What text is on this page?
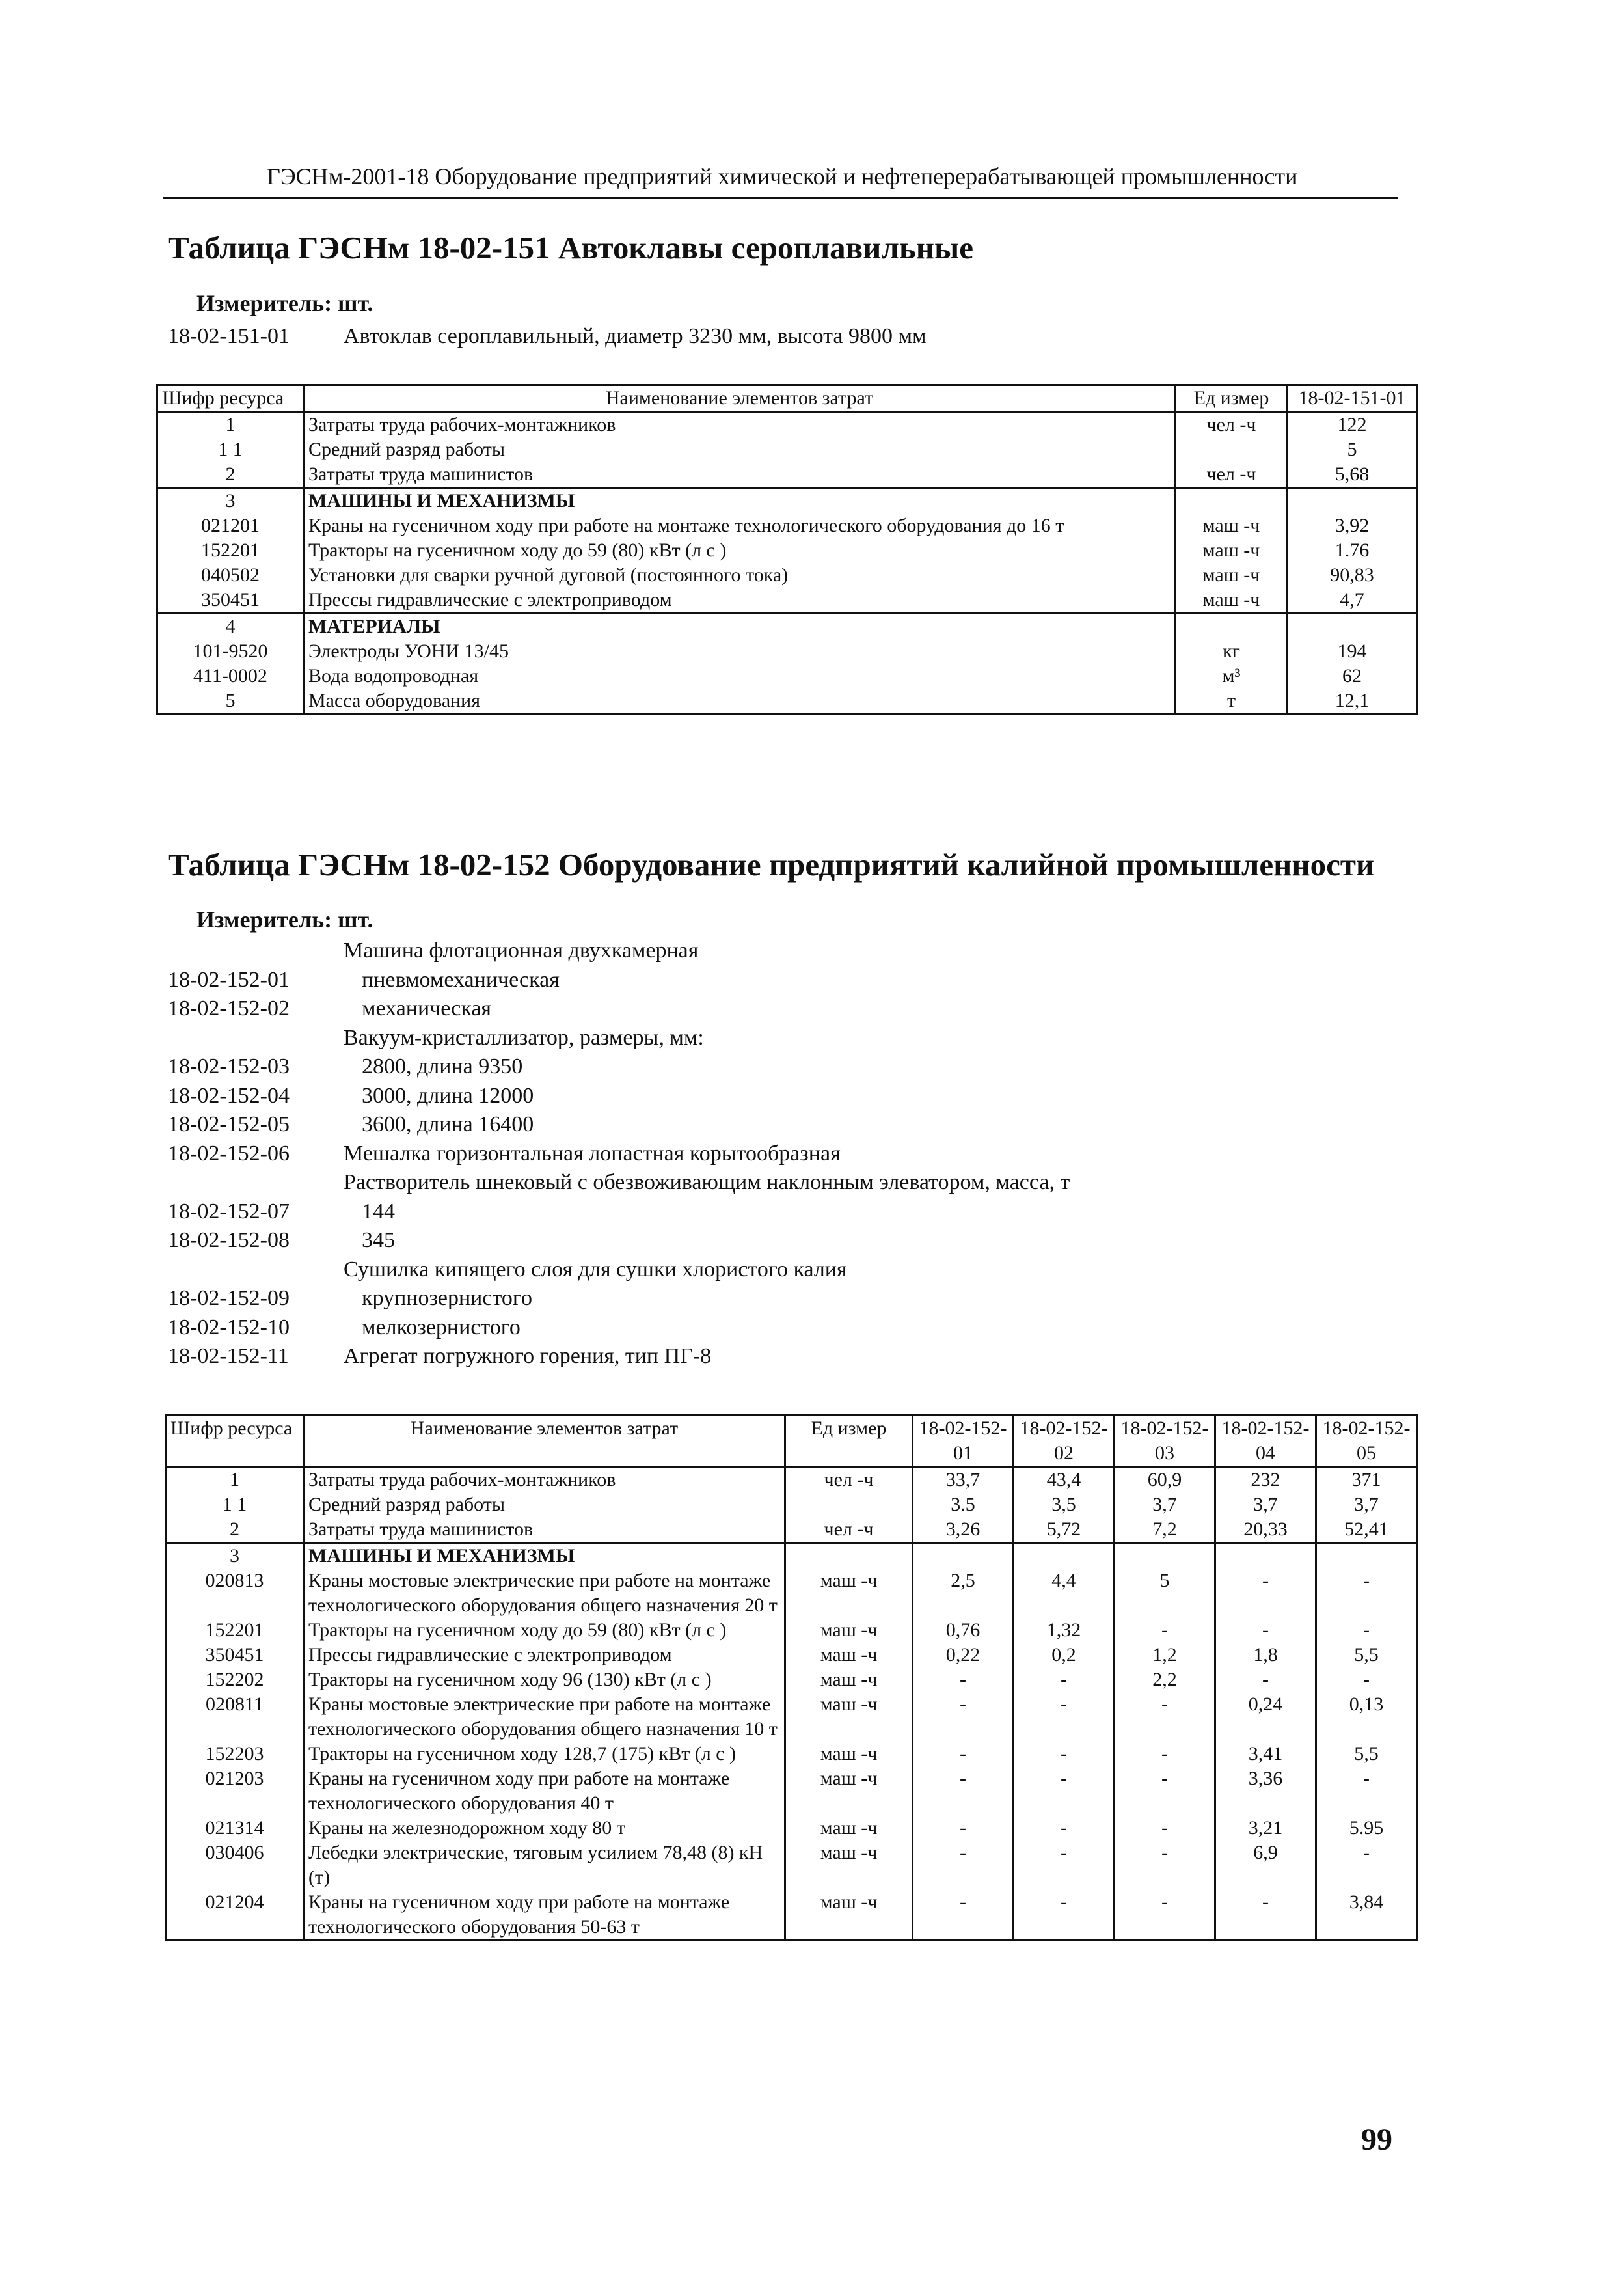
ГЭСНм-2001-18 Оборудование предприятий химической и нефтеперерабатывающей промышленности
Таблица ГЭСНм 18-02-151 Автоклавы сероплавильные
Измеритель: шт.
18-02-151-01 Автоклав сероплавильный, диаметр 3230 мм, высота 9800 мм
Шифр ресурса	Наименование элементов затрат	Ед измер	18-02-151-01
1	Затраты труда рабочих-монтажников	чел -ч	122
1 1	Средний разряд работы		5
2	Затраты труда машинистов	чел -ч	5,68
3	МАШИНЫ И МЕХАНИЗМЫ		
021201	Краны на гусеничном ходу при работе на монтаже технологического оборудования до 16 т	маш -ч	3,92
152201	Тракторы на гусеничном ходу до 59 (80) кВт (л с )	маш -ч	1.76
040502	Установки для сварки ручной дуговой (постоянного тока)	маш -ч	90,83
350451	Прессы гидравлические с электроприводом	маш -ч	4,7
4	МАТЕРИАЛЫ		
101-9520	Электроды УОНИ 13/45	кг	194
411-0002	Вода водопроводная	м³	62
5	Масса оборудования	т	12,1
Таблица ГЭСНм 18-02-152 Оборудование предприятий калийной промышленности
Измеритель: шт.
Машина флотационная двухкамерная
18-02-152-01	пневмомеханическая
18-02-152-02	механическая
Вакуум-кристаллизатор, размеры, мм:
18-02-152-03	2800, длина 9350
18-02-152-04	3000, длина 12000
18-02-152-05	3600, длина 16400
18-02-152-06 Мешалка горизонтальная лопастная корытообразная
Растворитель шнековый с обезвоживающим наклонным элеватором, масса, т
18-02-152-07	144
18-02-152-08	345
Сушилка кипящего слоя для сушки хлористого калия
18-02-152-09	крупнозернистого
18-02-152-10	мелкозернистого
18-02-152-11 Агрегат погружного горения, тип ПГ-8
Шифр ресурса	Наименование элементов затрат	Ед измер	18-02-152-01	18-02-152-02	18-02-152-03	18-02-152-04	18-02-152-05
1	Затраты труда рабочих-монтажников	чел -ч	33,7	43,4	60,9	232	371
1 1	Средний разряд работы		3.5	3,5	3,7	3,7	3,7
2	Затраты труда машинистов	чел -ч	3,26	5,72	7,2	20,33	52,41
3	МАШИНЫ И МЕХАНИЗМЫ						
020813	Краны мостовые электрические при работе на монтаже технологического оборудования общего назначения 20 т	маш -ч	2,5	4,4	5	-	-
152201	Тракторы на гусеничном ходу до 59 (80) кВт (л с )	маш -ч	0,76	1,32	-	-	-
350451	Прессы гидравлические с электроприводом	маш -ч	0,22	0,2	1,2	1,8	5,5
152202	Тракторы на гусеничном ходу 96 (130) кВт (л с )	маш -ч	-	-	2,2	-	-
020811	Краны мостовые электрические при работе на монтаже технологического оборудования общего назначения 10 т	маш -ч	-	-	-	0,24	0,13
152203	Тракторы на гусеничном ходу 128,7 (175) кВт (л с )	маш -ч	-	-	-	3,41	5,5
021203	Краны на гусеничном ходу при работе на монтаже технологического оборудования 40 т	маш -ч	-	-	-	3,36	-
021314	Краны на железнодорожном ходу 80 т	маш -ч	-	-	-	3,21	5.95
030406	Лебедки электрические, тяговым усилием 78,48 (8) кН (т)	маш -ч	-	-	-	6,9	-
021204	Краны на гусеничном ходу при работе на монтаже технологического оборудования 50-63 т	маш -ч	-	-	-	-	3,84
99
